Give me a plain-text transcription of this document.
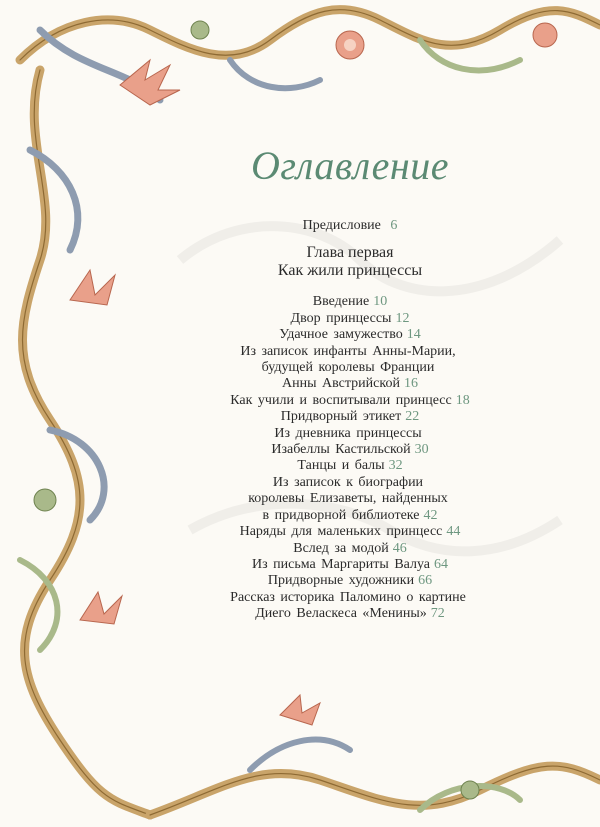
Оглавление
Предисловие 6
Глава первая
Как жили принцессы
Введение 10
Двор принцессы 12
Удачное замужество 14
Из записок инфанты Анны-Марии,
будущей королевы Франции
Анны Австрийской 16
Как учили и воспитывали принцесс 18
Придворный этикет 22
Из дневника принцессы
Изабеллы Кастильской 30
Танцы и балы 32
Из записок к биографии
королевы Елизаветы, найденных
в придворной библиотеке 42
Наряды для маленьких принцесс 44
Вслед за модой 46
Из письма Маргариты Валуа 64
Придворные художники 66
Рассказ историка Паломино о картине
Диего Веласкеса «Менины» 72
